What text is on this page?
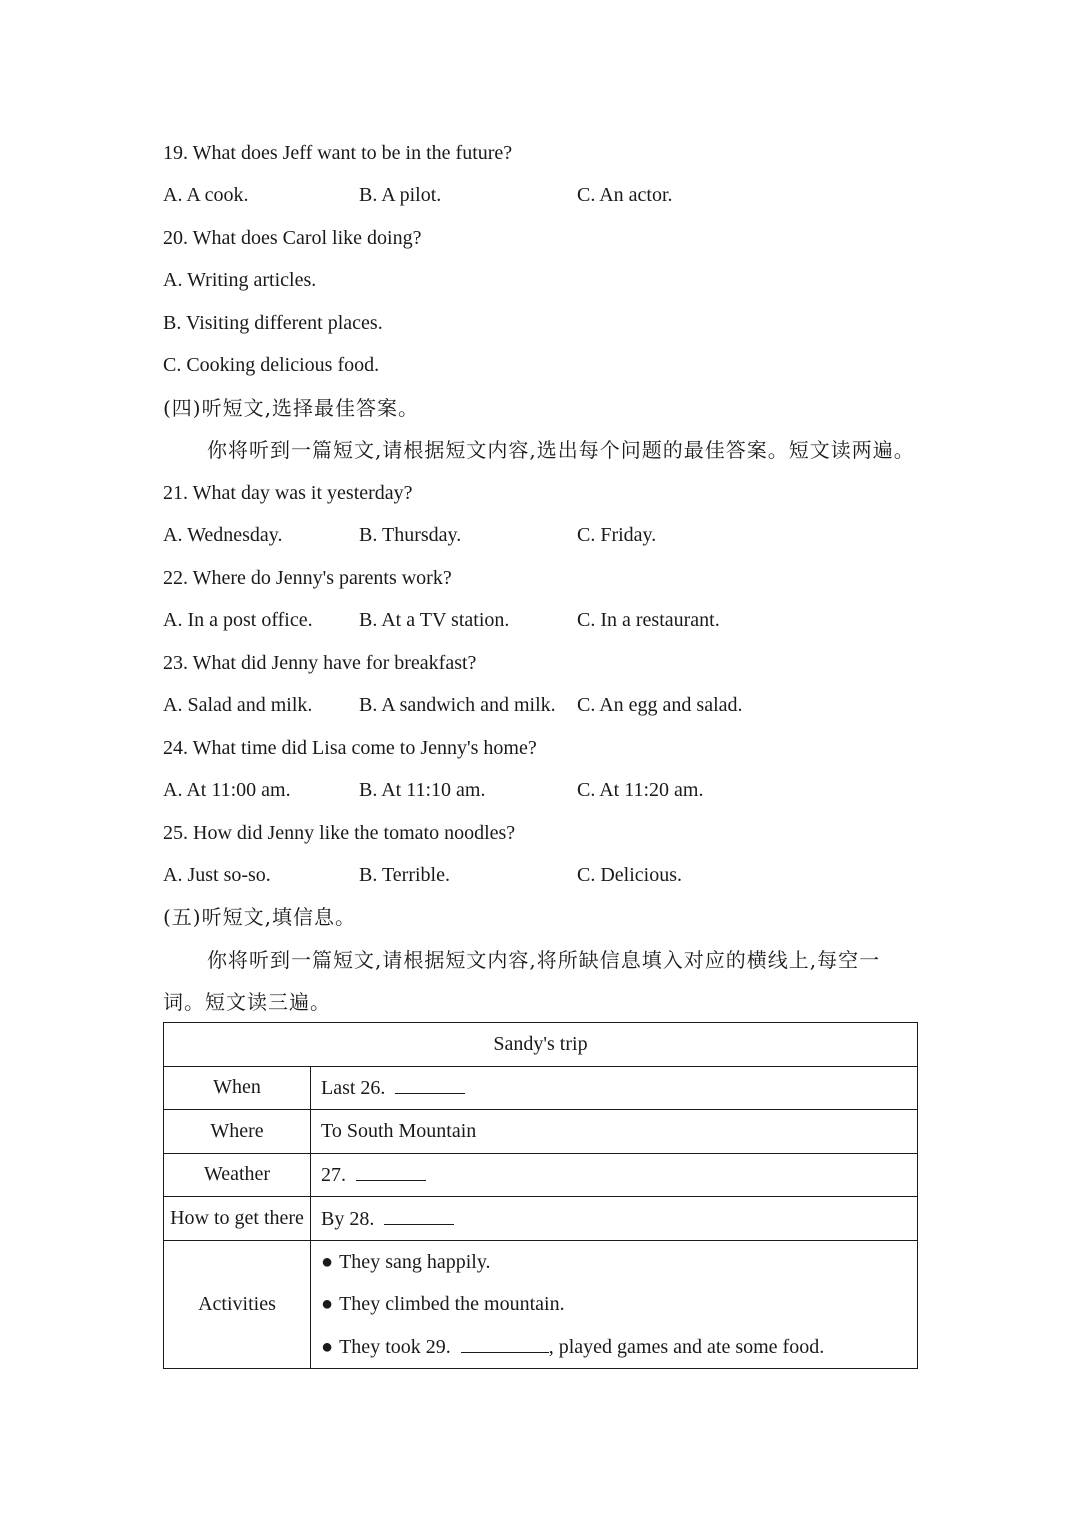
19. What does Jeff want to be in the future?
A. A cook.	B. A pilot.	C. An actor.
20. What does Carol like doing?
A. Writing articles.
B. Visiting different places.
C. Cooking delicious food.
(四)听短文,选择最佳答案。
你将听到一篇短文,请根据短文内容,选出每个问题的最佳答案。短文读两遍。
21. What day was it yesterday?
A. Wednesday.	B. Thursday.	C. Friday.
22. Where do Jenny's parents work?
A. In a post office. B. At a TV station.	C. In a restaurant.
23. What did Jenny have for breakfast?
A. Salad and milk. B. A sandwich and milk. C. An egg and salad.
24. What time did Lisa come to Jenny's home?
A. At 11:00 am.	B. At 11:10 am.	C. At 11:20 am.
25. How did Jenny like the tomato noodles?
A. Just so-so.	B. Terrible.	C. Delicious.
(五)听短文,填信息。
你将听到一篇短文,请根据短文内容,将所缺信息填入对应的横线上,每空一
词。短文读三遍。
Sandy's trip	
When	Last 26.
Where	To South Mountain
Weather	27.
How to get there	By 28.
Activities	● They sang happily.
● They climbed the mountain.
● They took 29. , played games and ate some food.
